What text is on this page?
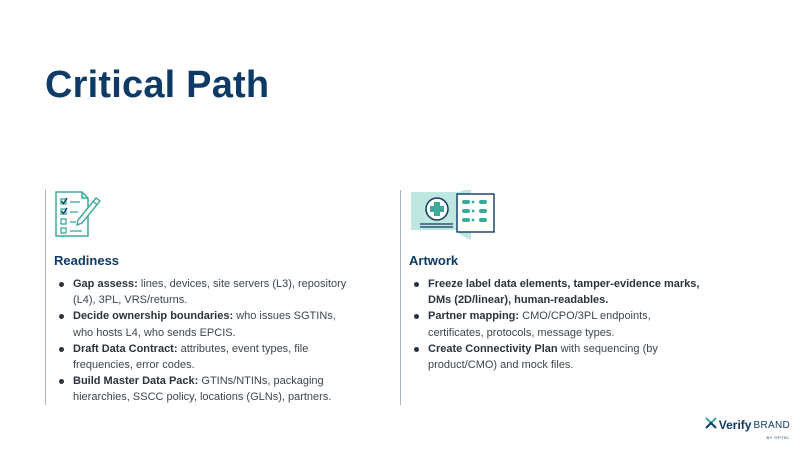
Critical Path
Readiness
Gap assess: lines, devices, site servers (L3), repository (L4), 3PL, VRS/returns.
Decide ownership boundaries: who issues SGTINs, who hosts L4, who sends EPCIS.
Draft Data Contract: attributes, event types, file frequencies, error codes.
Build Master Data Pack: GTINs/NTINs, packaging hierarchies, SSCC policy, locations (GLNs), partners.
Artwork
Freeze label data elements, tamper-evidence marks, DMs (2D/linear), human-readables.
Partner mapping: CMO/CPO/3PL endpoints, certificates, protocols, message types.
Create Connectivity Plan with sequencing (by product/CMO) and mock files.
Verify BRAND
BY OPTEL
